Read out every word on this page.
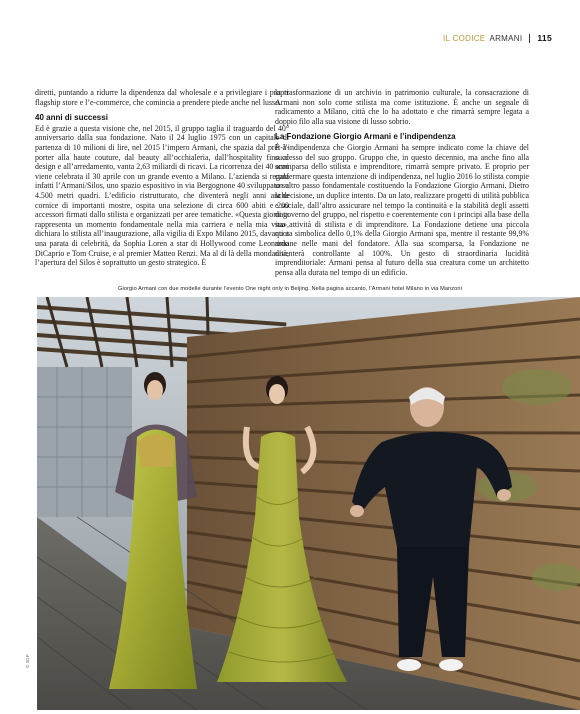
IL CODICE ARMANI 115

diretti, puntando a ridurre la dipendenza dal wholesale e a privilegiare i propri flagship store e l’e-commerce, che comincia a prendere piede anche nel lusso.

40 anni di successi

Ed è grazie a questa visione che, nel 2015, il gruppo taglia il traguardo del 40° anniversario dalla sua fondazione. Nato il 24 luglio 1975 con un capitale di partenza di 10 milioni di lire, nel 2015 l’impero Armani, che spazia dal prêt-à-porter alla haute couture, dal beauty all’occhialeria, dall’hospitality fino al design e all’arredamento, vanta 2,63 miliardi di ricavi. La ricorrenza dei 40 anni viene celebrata il 30 aprile con un grande evento a Milano. L’azienda si regala infatti l’Armani/Silos, uno spazio espositivo in via Bergognone 40 sviluppato su 4.500 metri quadri. L’edificio ristrutturato, che diventerà negli anni anche cornice di importanti mostre, ospita una selezione di circa 600 abiti e 200 accessori firmati dallo stilista e organizzati per aree tematiche. «Questa giornata rappresenta un momento fondamentale nella mia carriera e nella mia vita», dichiara lo stilista all’inaugurazione, alla vigilia di Expo Milano 2015, davanti a una parata di celebrità, da Sophia Loren a star di Hollywood come Leonardo DiCaprio e Tom Cruise, e al premier Matteo Renzi. Ma al di là della mondanità, l’apertura del Silos è soprattutto un gesto strategico. È

la trasformazione di un archivio in patrimonio culturale, la consacrazione di Armani non solo come stilista ma come istituzione. È anche un segnale di radicamento a Milano, città che lo ha adottato e che rimarrà sempre legata a doppio filo alla sua visione di lusso sobrio.

La Fondazione Giorgio Armani e l’indipendenza

È l’indipendenza che Giorgio Armani ha sempre indicato come la chiave del successo del suo gruppo. Gruppo che, in questo decennio, ma anche fino alla scomparsa dello stilista e imprenditore, rimarrà sempre privato. E proprio per confermare questa intenzione di indipendenza, nel luglio 2016 lo stilista compie un altro passo fondamentale costituendo la Fondazione Giorgio Armani. Dietro la decisione, un duplice intento. Da un lato, realizzare progetti di utilità pubblica e sociale, dall’altro assicurare nel tempo la continuità e la stabilità degli assetti di governo del gruppo, nel rispetto e coerentemente con i principi alla base della sua attività di stilista e di imprenditore. La Fondazione detiene una piccola quota simbolica dello 0,1% della Giorgio Armani spa, mentre il restante 99,9% rimane nelle mani del fondatore. Alla sua scomparsa, la Fondazione ne diventerà controllante al 100%. Un gesto di straordinaria lucidità imprenditoriale: Armani pensa al futuro della sua creatura come un architetto pensa alla durata nel tempo di un edificio.

Giorgio Armani con due modelle durante l’evento One night only in Beijing. Nella pagina accanto, l’Armani hotel Milano in via Manzoni
© 3GP
